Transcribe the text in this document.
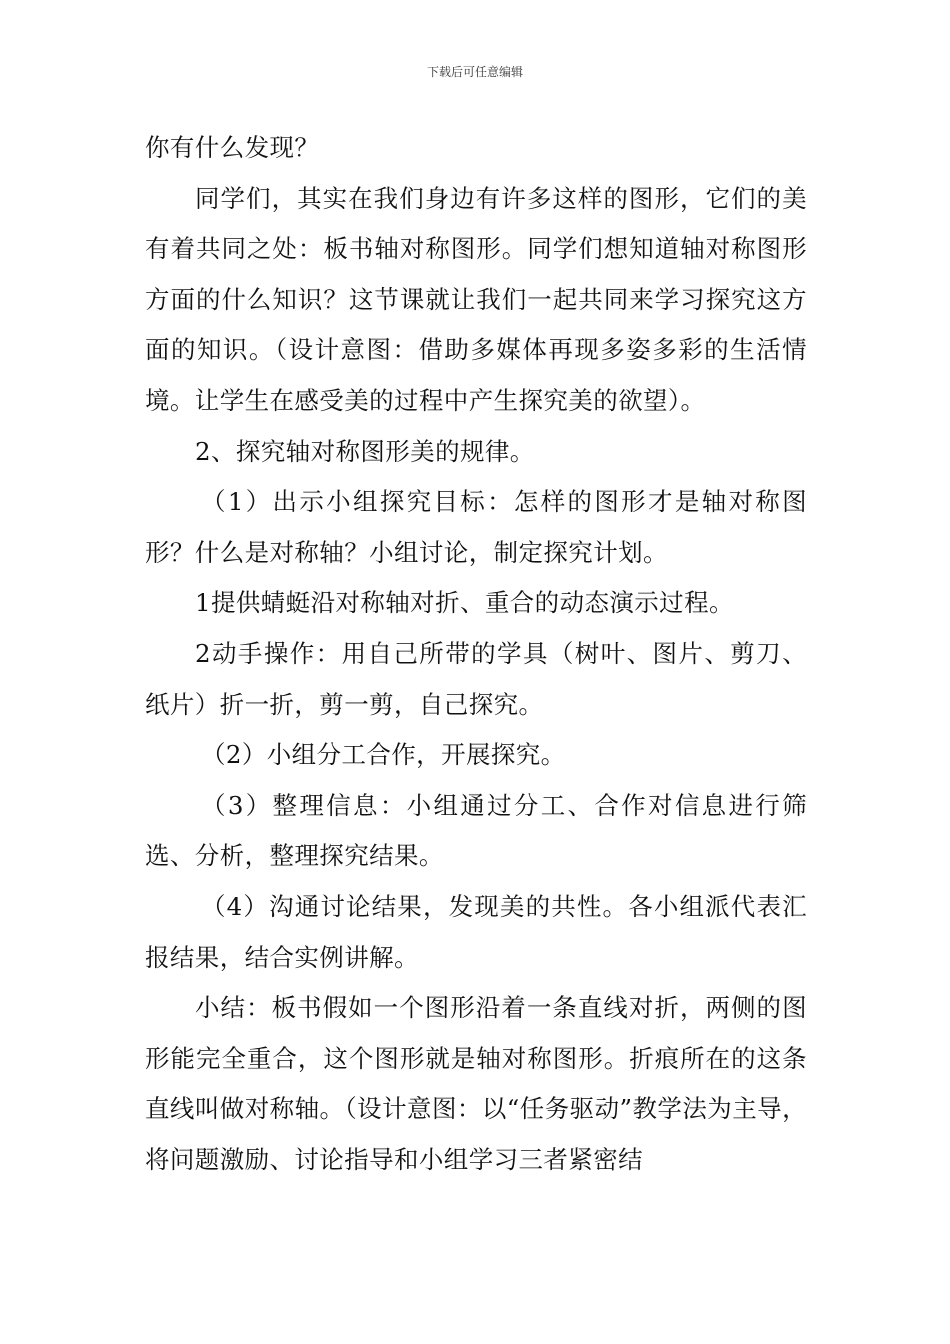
下载后可任意编辑

你有什么发现？

同学们，其实在我们身边有许多这样的图形，它们的美有着共同之处：板书轴对称图形。同学们想知道轴对称图形方面的什么知识？这节课就让我们一起共同来学习探究这方面的知识。（设计意图：借助多媒体再现多姿多彩的生活情境。让学生在感受美的过程中产生探究美的欲望）。

2、探究轴对称图形美的规律。

（1）出示小组探究目标：怎样的图形才是轴对称图形？什么是对称轴？小组讨论，制定探究计划。

1提供蜻蜓沿对称轴对折、重合的动态演示过程。

2动手操作：用自己所带的学具（树叶、图片、剪刀、纸片）折一折，剪一剪，自己探究。

（2）小组分工合作，开展探究。

（3）整理信息：小组通过分工、合作对信息进行筛选、分析，整理探究结果。

（4）沟通讨论结果，发现美的共性。各小组派代表汇报结果，结合实例讲解。

小结：板书假如一个图形沿着一条直线对折，两侧的图形能完全重合，这个图形就是轴对称图形。折痕所在的这条直线叫做对称轴。（设计意图：以“任务驱动”教学法为主导，将问题激励、讨论指导和小组学习三者紧密结
